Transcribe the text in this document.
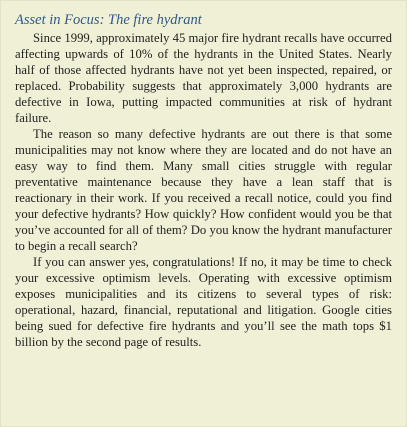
Asset in Focus: The fire hydrant

Since 1999, approximately 45 major fire hydrant recalls have occurred affecting upwards of 10% of the hydrants in the United States. Nearly half of those affected hydrants have not yet been inspected, repaired, or replaced. Probability suggests that approximately 3,000 hydrants are defective in Iowa, putting impacted communities at risk of hydrant failure.

The reason so many defective hydrants are out there is that some municipalities may not know where they are located and do not have an easy way to find them. Many small cities struggle with regular preventative maintenance because they have a lean staff that is reactionary in their work. If you received a recall notice, could you find your defective hydrants? How quickly? How confident would you be that you’ve accounted for all of them? Do you know the hydrant manufacturer to begin a recall search?

If you can answer yes, congratulations! If no, it may be time to check your excessive optimism levels. Operating with excessive optimism exposes municipalities and its citizens to several types of risk: operational, hazard, financial, reputational and litigation. Google cities being sued for defective fire hydrants and you’ll see the math tops $1 billion by the second page of results.
